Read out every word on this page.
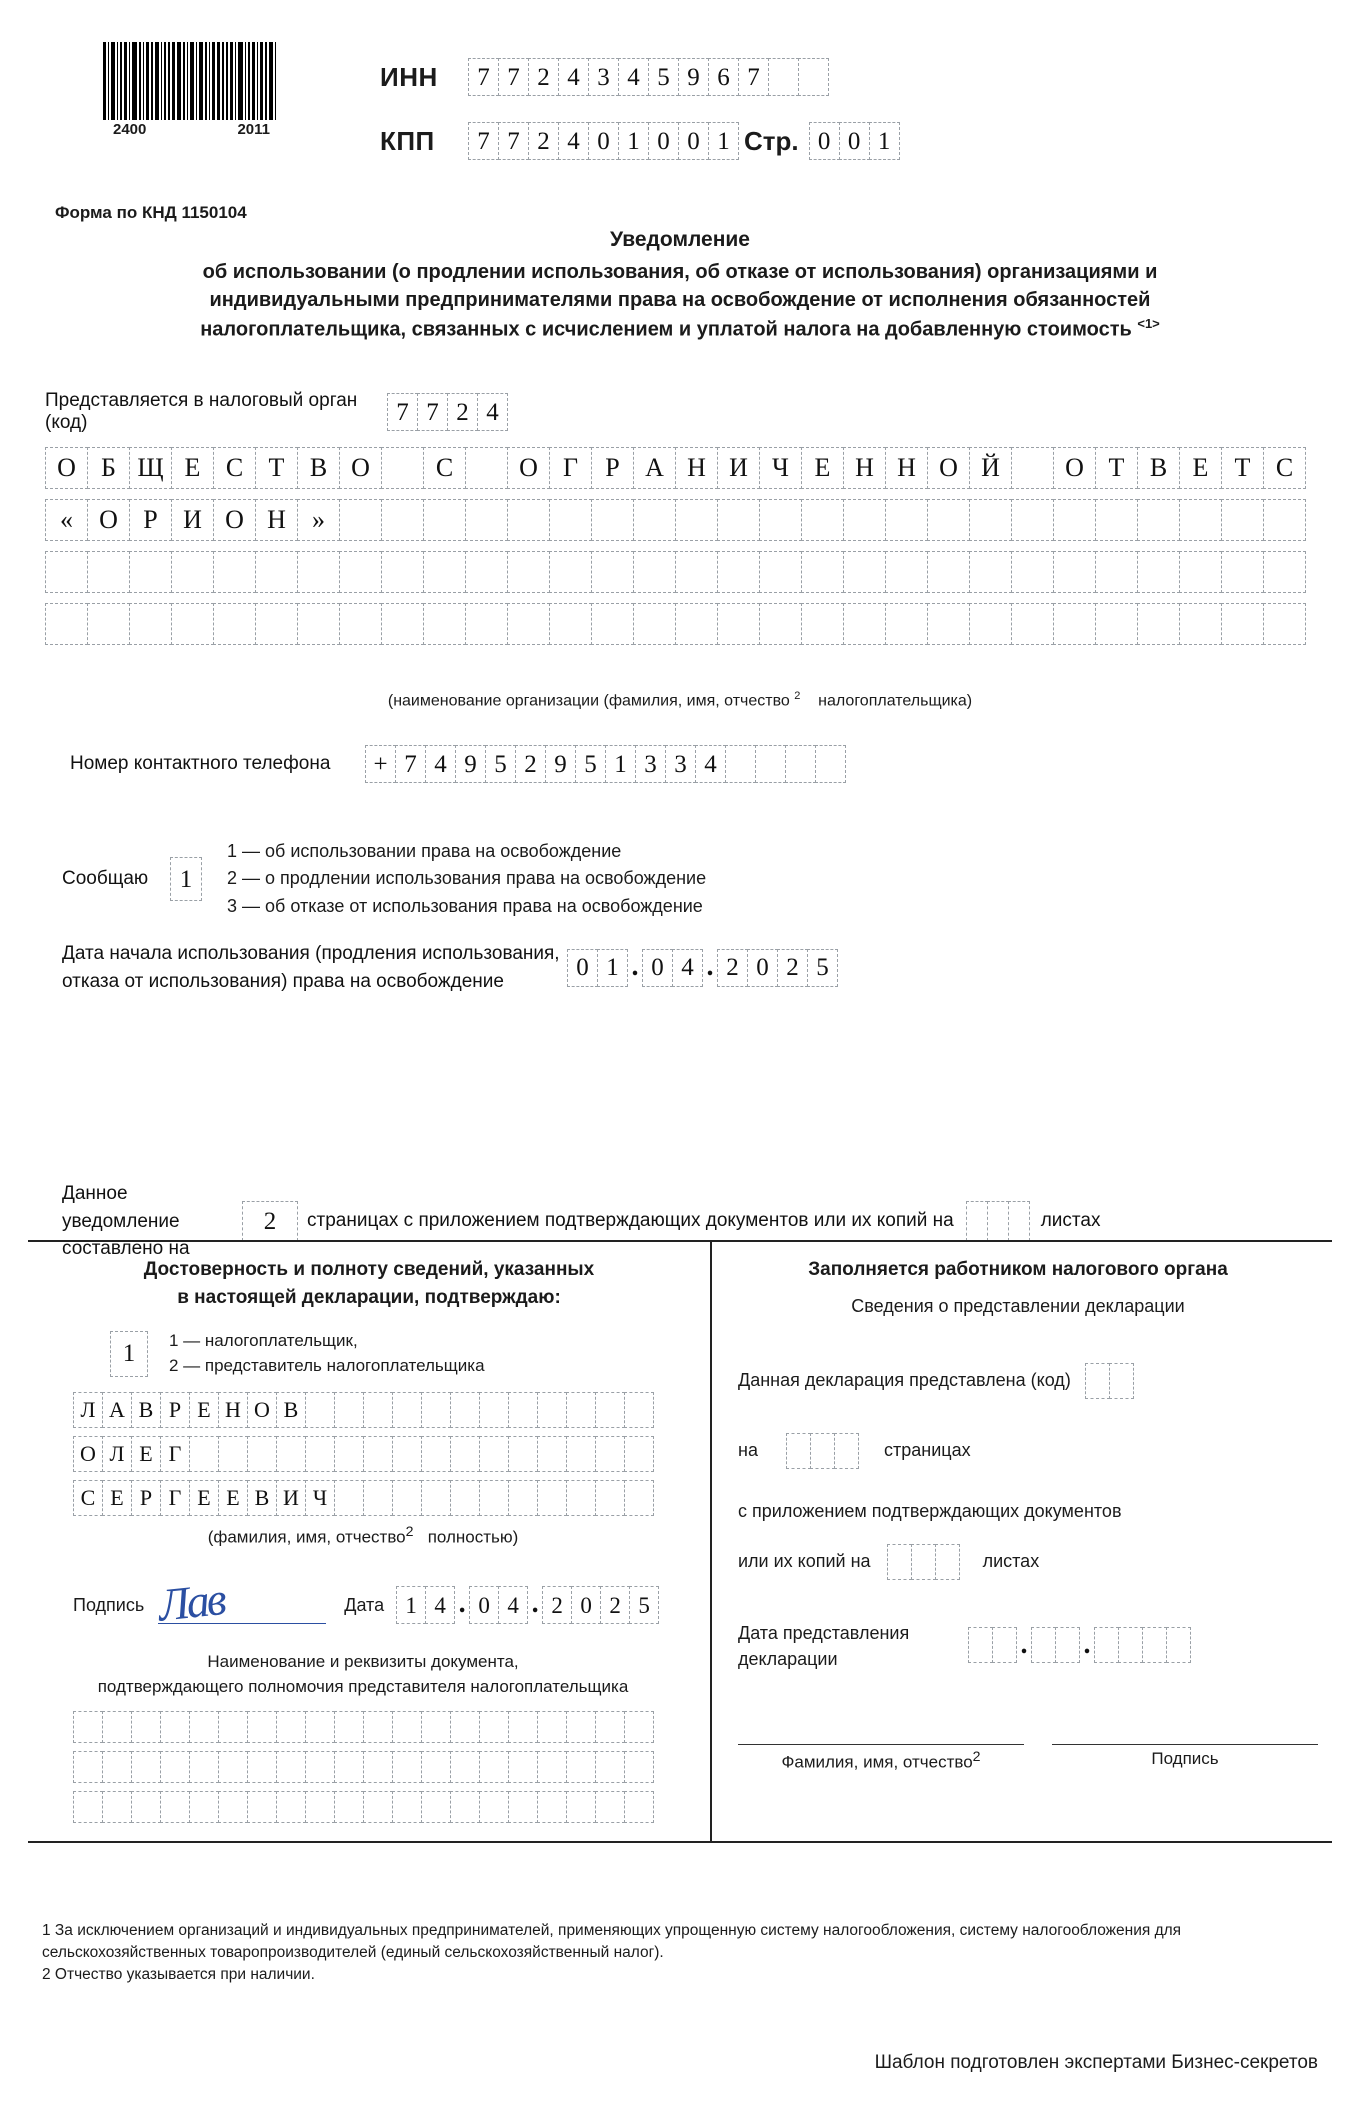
2400	2011
ИНН	7 7 2 4 3 4 5 9 6 7
КПП	7 7 2 4 0 1 0 0 1 Стр. 0 0 1
Форма по КНД 1150104
Уведомление
об использовании (о продлении использования, об отказе от использования) организациями и
индивидуальными предпринимателями права на освобождение от исполнения обязанностей
налогоплательщика, связанных с исчислением и уплатой налога на добавленную стоимость $^{<1>}$
Представляется в налоговый орган (код)	7 7 2 4
О Б Щ Е С Т В О	С	О Г	Р А Н И Ч Е Н Н О Й	О Т В Е	Т С
«	О Р И О Н	»
(наименование организации (фамилия, имя, отчество $^2$ налогоплательщика)
Номер контактного телефона	+ 7 4 9 5 2 9 5 1 3 3 4
Сообщаю	1
1 — об использовании права на освобождение
2 — о продлении использования права на освобождение
3 — об отказе от использования права на освобождение
Дата начала использования (продления использования,
отказа от использования) права на освобождение	0 1 . 0 4 . 2 0 2 5
Данное уведомление
составлено на
2	страницах с приложением подтверждающих документов или их копий на	листах
Достоверность и полноту сведений, указанных
в настоящей декларации, подтверждаю:
1	1 — налогоплательщик,
2 — представитель налогоплательщика
Л А В Р Е Н О В
О Л Е Г
С Е Р Г Е Е В И Ч
(фамилия, имя, отчество$^2$ полностью)
Подпись Лав	Дата 1 4 . 0 4 . 2 0 2 5
Наименование и реквизиты документа,
подтверждающего полномочия представителя налогоплательщика
Заполняется работником налогового органа
Сведения о представлении декларации
Данная декларация представлена (код)
на	страницах
с приложением подтверждающих документов
или их копий на	листах
Дата представления
декларации	. .
Фамилия, имя, отчество$^2$	Подпись
1 За исключением организаций и индивидуальных предпринимателей, применяющих упрощенную систему налогообложения, систему налогообложения для сельскохозяйственных товаропроизводителей (единый сельскохозяйственный налог).
2 Отчество указывается при наличии.
Шаблон подготовлен экспертами Бизнес-секретов
